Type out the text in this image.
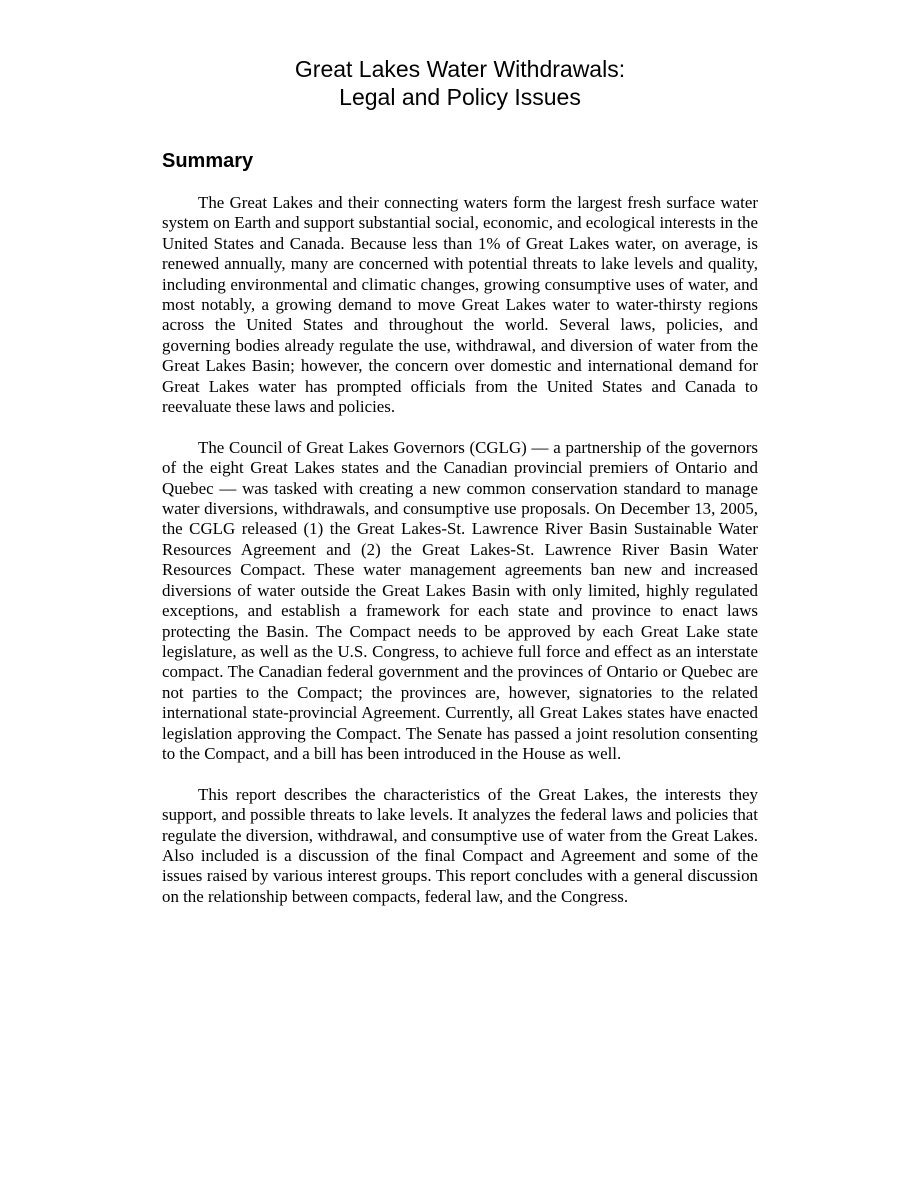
Great Lakes Water Withdrawals:
Legal and Policy Issues
Summary

The Great Lakes and their connecting waters form the largest fresh surface water system on Earth and support substantial social, economic, and ecological interests in the United States and Canada. Because less than 1% of Great Lakes water, on average, is renewed annually, many are concerned with potential threats to lake levels and quality, including environmental and climatic changes, growing consumptive uses of water, and most notably, a growing demand to move Great Lakes water to water-thirsty regions across the United States and throughout the world. Several laws, policies, and governing bodies already regulate the use, withdrawal, and diversion of water from the Great Lakes Basin; however, the concern over domestic and international demand for Great Lakes water has prompted officials from the United States and Canada to reevaluate these laws and policies.

The Council of Great Lakes Governors (CGLG) — a partnership of the governors of the eight Great Lakes states and the Canadian provincial premiers of Ontario and Quebec — was tasked with creating a new common conservation standard to manage water diversions, withdrawals, and consumptive use proposals. On December 13, 2005, the CGLG released (1) the Great Lakes-St. Lawrence River Basin Sustainable Water Resources Agreement and (2) the Great Lakes-St. Lawrence River Basin Water Resources Compact. These water management agreements ban new and increased diversions of water outside the Great Lakes Basin with only limited, highly regulated exceptions, and establish a framework for each state and province to enact laws protecting the Basin. The Compact needs to be approved by each Great Lake state legislature, as well as the U.S. Congress, to achieve full force and effect as an interstate compact. The Canadian federal government and the provinces of Ontario or Quebec are not parties to the Compact; the provinces are, however, signatories to the related international state-provincial Agreement. Currently, all Great Lakes states have enacted legislation approving the Compact. The Senate has passed a joint resolution consenting to the Compact, and a bill has been introduced in the House as well.

This report describes the characteristics of the Great Lakes, the interests they support, and possible threats to lake levels. It analyzes the federal laws and policies that regulate the diversion, withdrawal, and consumptive use of water from the Great Lakes. Also included is a discussion of the final Compact and Agreement and some of the issues raised by various interest groups. This report concludes with a general discussion on the relationship between compacts, federal law, and the Congress.
